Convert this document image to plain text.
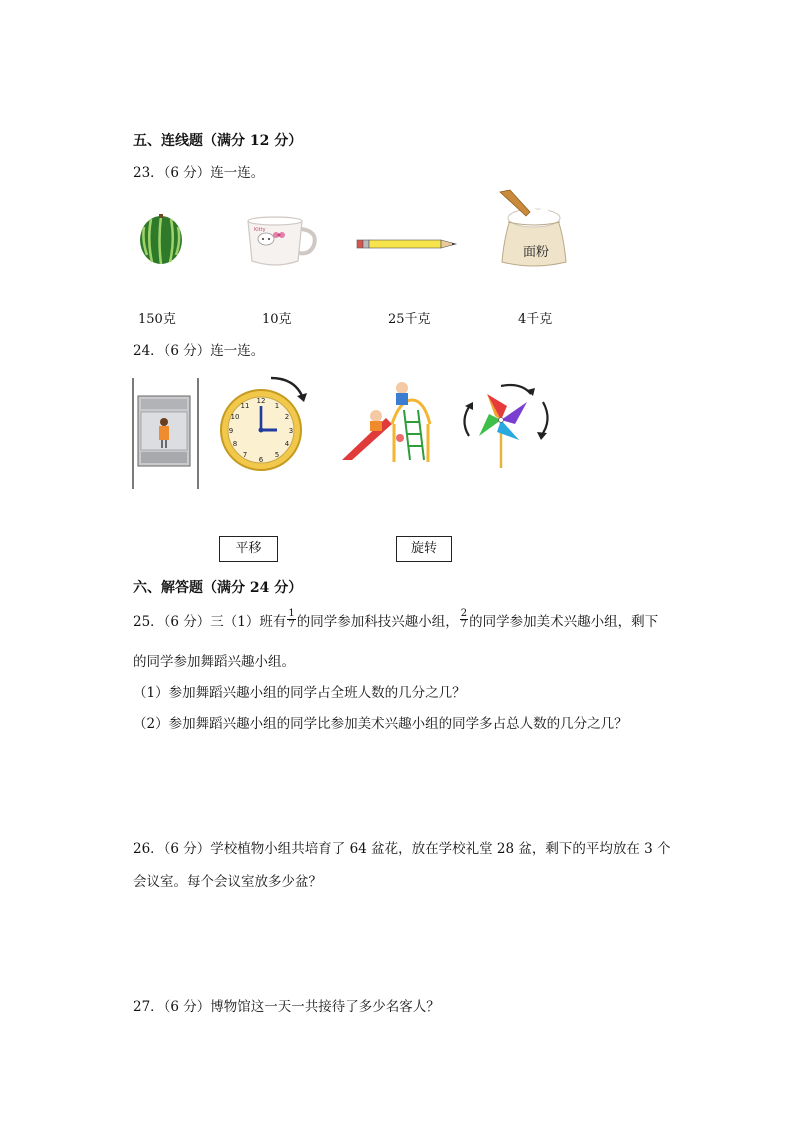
五、连线题（满分 12 分）
23．（6 分）连一连。
Kitty
面粉
150克	10克	25千克	4千克
24．（6 分）连一连。
12
1
2
3
4
5
6
7
8
9
10
11
平移	旋转
六、解答题（满分 24 分）
25．（6 分）三（1）班有 $\frac{1}{7}$ 的同学参加科技兴趣小组， $\frac{2}{7}$ 的同学参加美术兴趣小组，剩下
的同学参加舞蹈兴趣小组。
（1）参加舞蹈兴趣小组的同学占全班人数的几分之几？
（2）参加舞蹈兴趣小组的同学比参加美术兴趣小组的同学多占总人数的几分之几？
26．（6 分）学校植物小组共培育了 64 盆花，放在学校礼堂 28 盆，剩下的平均放在 3 个
会议室。每个会议室放多少盆？
27．（6 分）博物馆这一天一共接待了多少名客人？
